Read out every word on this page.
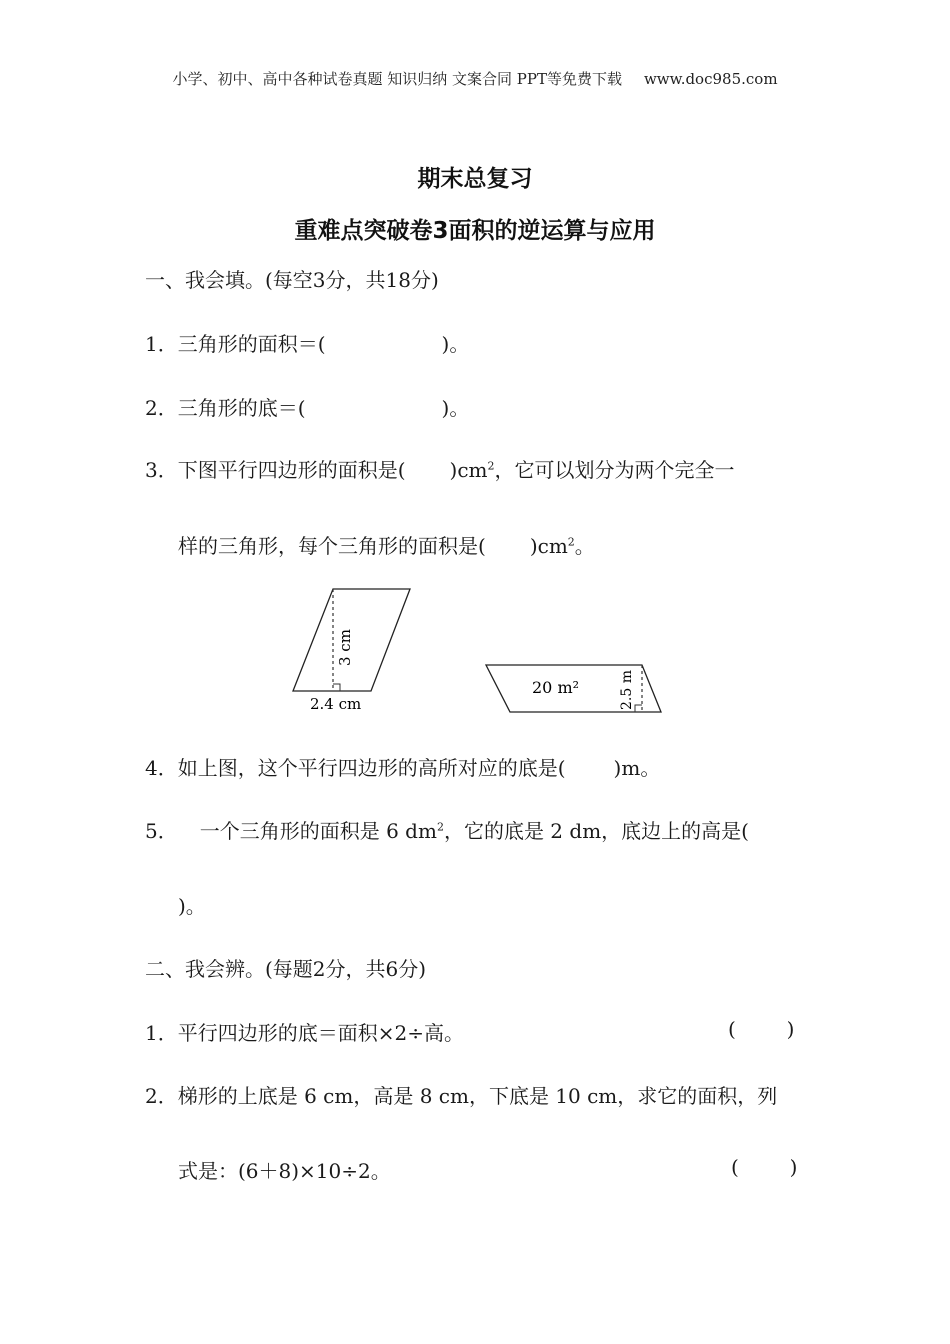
小学、初中、高中各种试卷真题 知识归纳 文案合同 PPT等免费下载 www.doc985.com
期末总复习
重难点突破卷3面积的逆运算与应用
一、我会填。(每空3分，共18分)
1．三角形的面积＝(	)。
2．三角形的底＝(	)。
3．下图平行四边形的面积是( )$cm^2$，它可以划分为两个完全一
样的三角形，每个三角形的面积是( )$cm^2$。
3 cm
2.4 cm
20 m²	2.5 m
4．如上图，这个平行四边形的高所对应的底是( )m。
5． 一个三角形的面积是 6 $dm^2$，它的底是 2 dm，底边上的高是(
)。
二、我会辨。(每题2分，共6分)
1．平行四边形的底＝面积×2÷高。	(        )
2．梯形的上底是 6 cm，高是 8 cm，下底是 10 cm，求它的面积，列
式是：(6＋8)×10÷2。	(        )
